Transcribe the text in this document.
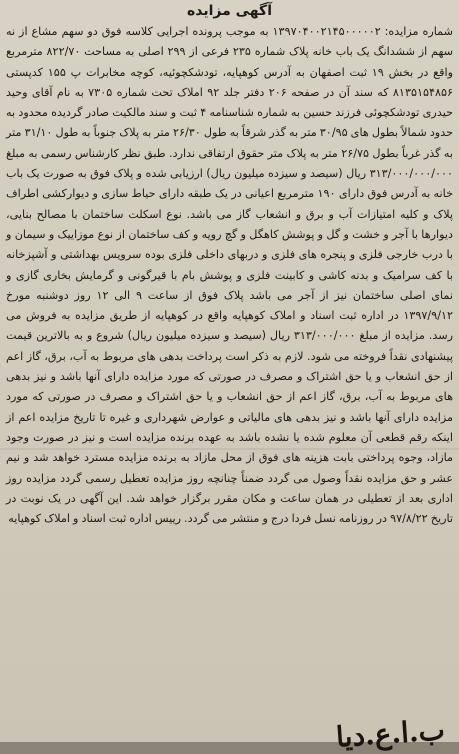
آگهی مزایده

شماره مزایده: ۱۳۹۷۰۴۰۰۲۱۴۵۰۰۰۰۰۲ به موجب پرونده اجرایی کلاسه فوق دو سهم مشاع از نه سهم از ششدانگ یک باب خانه پلاک شماره ۲۳۵ فرعی از ۲۹۹ اصلی به مساحت ۸۲۲/۷۰ مترمربع واقع در بخش ۱۹ ثبت اصفهان به آدرس کوهپایه، تودشکچوئیه، کوچه مخابرات پ ۱۵۵ کدپستی ۸۱۳۵۱۵۴۸۵۶ که سند آن در صفحه ۲۰۶ دفتر جلد ۹۲ املاک تحت شماره ۷۳۰۵ به نام آقای وحید حیدری تودشکچوئی فرزند حسین به شماره شناسنامه ۴ ثبت و سند مالکیت صادر گردیده محدود به حدود شمالاً بطول های ۳۰/۹۵ متر به گذر شرقاً به طول ۲۶/۳۰ متر به پلاک جنوباً به طول ۳۱/۱۰ متر به گذر غرباً بطول ۲۶/۷۵ متر به پلاک متر حقوق ارتفاقی ندارد. طبق نظر کارشناس رسمی به مبلغ ۳۱۳/۰۰۰/۰۰۰/۰۰۰ ریال (سیصد و سیزده میلیون ریال) ارزیابی شده و پلاک فوق به صورت یک باب خانه به آدرس فوق دارای ۱۹۰ مترمربع اعیانی در یک طبقه دارای حیاط سازی و دیوارکشی اطراف پلاک و کلیه امتیازات آب و برق و انشعاب گاز می باشد. نوع اسکلت ساختمان با مصالح بنایی، دیوارها با آجر و خشت و گل و پوشش کاهگل و گچ رویه و کف ساختمان از نوع موزاییک و سیمان و با درب خارجی فلزی و پنجره های فلزی و دربهای داخلی فلزی بوده سرویس بهداشتی و آشپزخانه با کف سرامیک و بدنه کاشی و کابینت فلزی و پوشش بام با قیرگونی و گرمایش بخاری گازی و نمای اصلی ساختمان نیز از آجر می باشد پلاک فوق از ساعت ۹ الی ۱۲ روز دوشنبه مورخ ۱۳۹۷/۹/۱۲ در اداره ثبت اسناد و املاک کوهپایه واقع در کوهپایه از طریق مزایده به فروش می رسد. مزایده از مبلغ ۳۱۳/۰۰۰/۰۰۰ ریال (سیصد و سیزده میلیون ریال) شروع و به بالاترین قیمت پیشنهادی نقداً فروخته می شود. لازم به ذکر است پرداخت بدهی های مربوط به آب، برق، گاز اعم از حق انشعاب و یا حق اشتراک و مصرف در صورتی که مورد مزایده دارای آنها باشد و نیز بدهی های مربوط به آب، برق، گاز اعم از حق انشعاب و یا حق اشتراک و مصرف در صورتی که مورد مزایده دارای آنها باشد و نیز بدهی های مالیاتی و عوارض شهرداری و غیره تا تاریخ مزایده اعم از اینکه رقم قطعی آن معلوم شده یا نشده باشد به عهده برنده مزایده است و نیز در صورت وجود مازاد، وجوه پرداختی بابت هزینه های فوق از محل مازاد به برنده مزایده مسترد خواهد شد و نیم عشر و حق مزایده نقداً وصول می گردد ضمناً چنانچه روز مزایده تعطیل رسمی گردد مزایده روز اداری بعد از تعطیلی در همان ساعت و مکان مقرر برگزار خواهد شد. این آگهی در یک نوبت در تاریخ ۹۷/۸/۲۲ در روزنامه نسل فردا درج و منتشر می گردد. رییس اداره ثبت اسناد و املاک کوهپایه

ب.ا.ع.دیا
